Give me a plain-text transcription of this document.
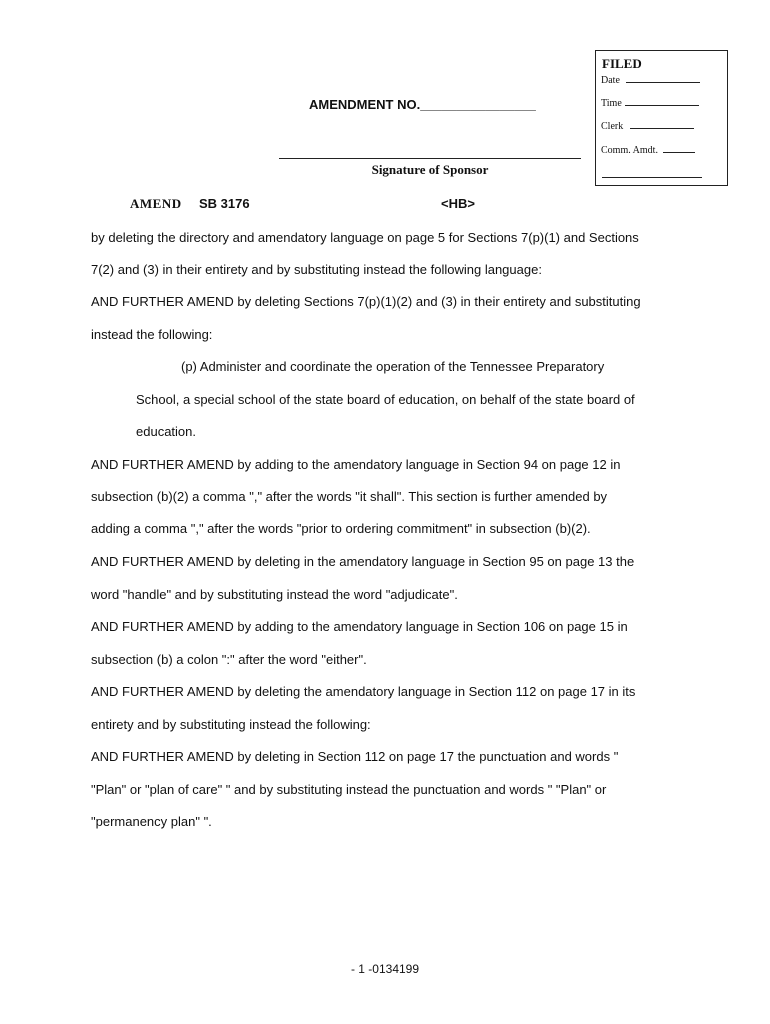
FILED
Date
Time
Clerk
Comm. Amdt.
AMENDMENT NO.________________
Signature of Sponsor
AMEND SB 3176	<HB>
by deleting the directory and amendatory language on page 5 for Sections 7(p)(1) and Sections
7(2) and (3) in their entirety and by substituting instead the following language:
AND FURTHER AMEND by deleting Sections 7(p)(1)(2) and (3) in their entirety and substituting
instead the following:
(p) Administer and coordinate the operation of the Tennessee Preparatory
School, a special school of the state board of education, on behalf of the state board of
education.
AND FURTHER AMEND by adding to the amendatory language in Section 94 on page 12 in
subsection (b)(2) a comma "," after the words "it shall". This section is further amended by
adding a comma "," after the words "prior to ordering commitment" in subsection (b)(2).
AND FURTHER AMEND by deleting in the amendatory language in Section 95 on page 13 the
word "handle" and by substituting instead the word "adjudicate".
AND FURTHER AMEND by adding to the amendatory language in Section 106 on page 15 in
subsection (b) a colon ":" after the word "either".
AND FURTHER AMEND by deleting the amendatory language in Section 112 on page 17 in its
entirety and by substituting instead the following:
AND FURTHER AMEND by deleting in Section 112 on page 17 the punctuation and words "
"Plan" or "plan of care" " and by substituting instead the punctuation and words " "Plan" or
"permanency plan" ".
- 1 -0134199
